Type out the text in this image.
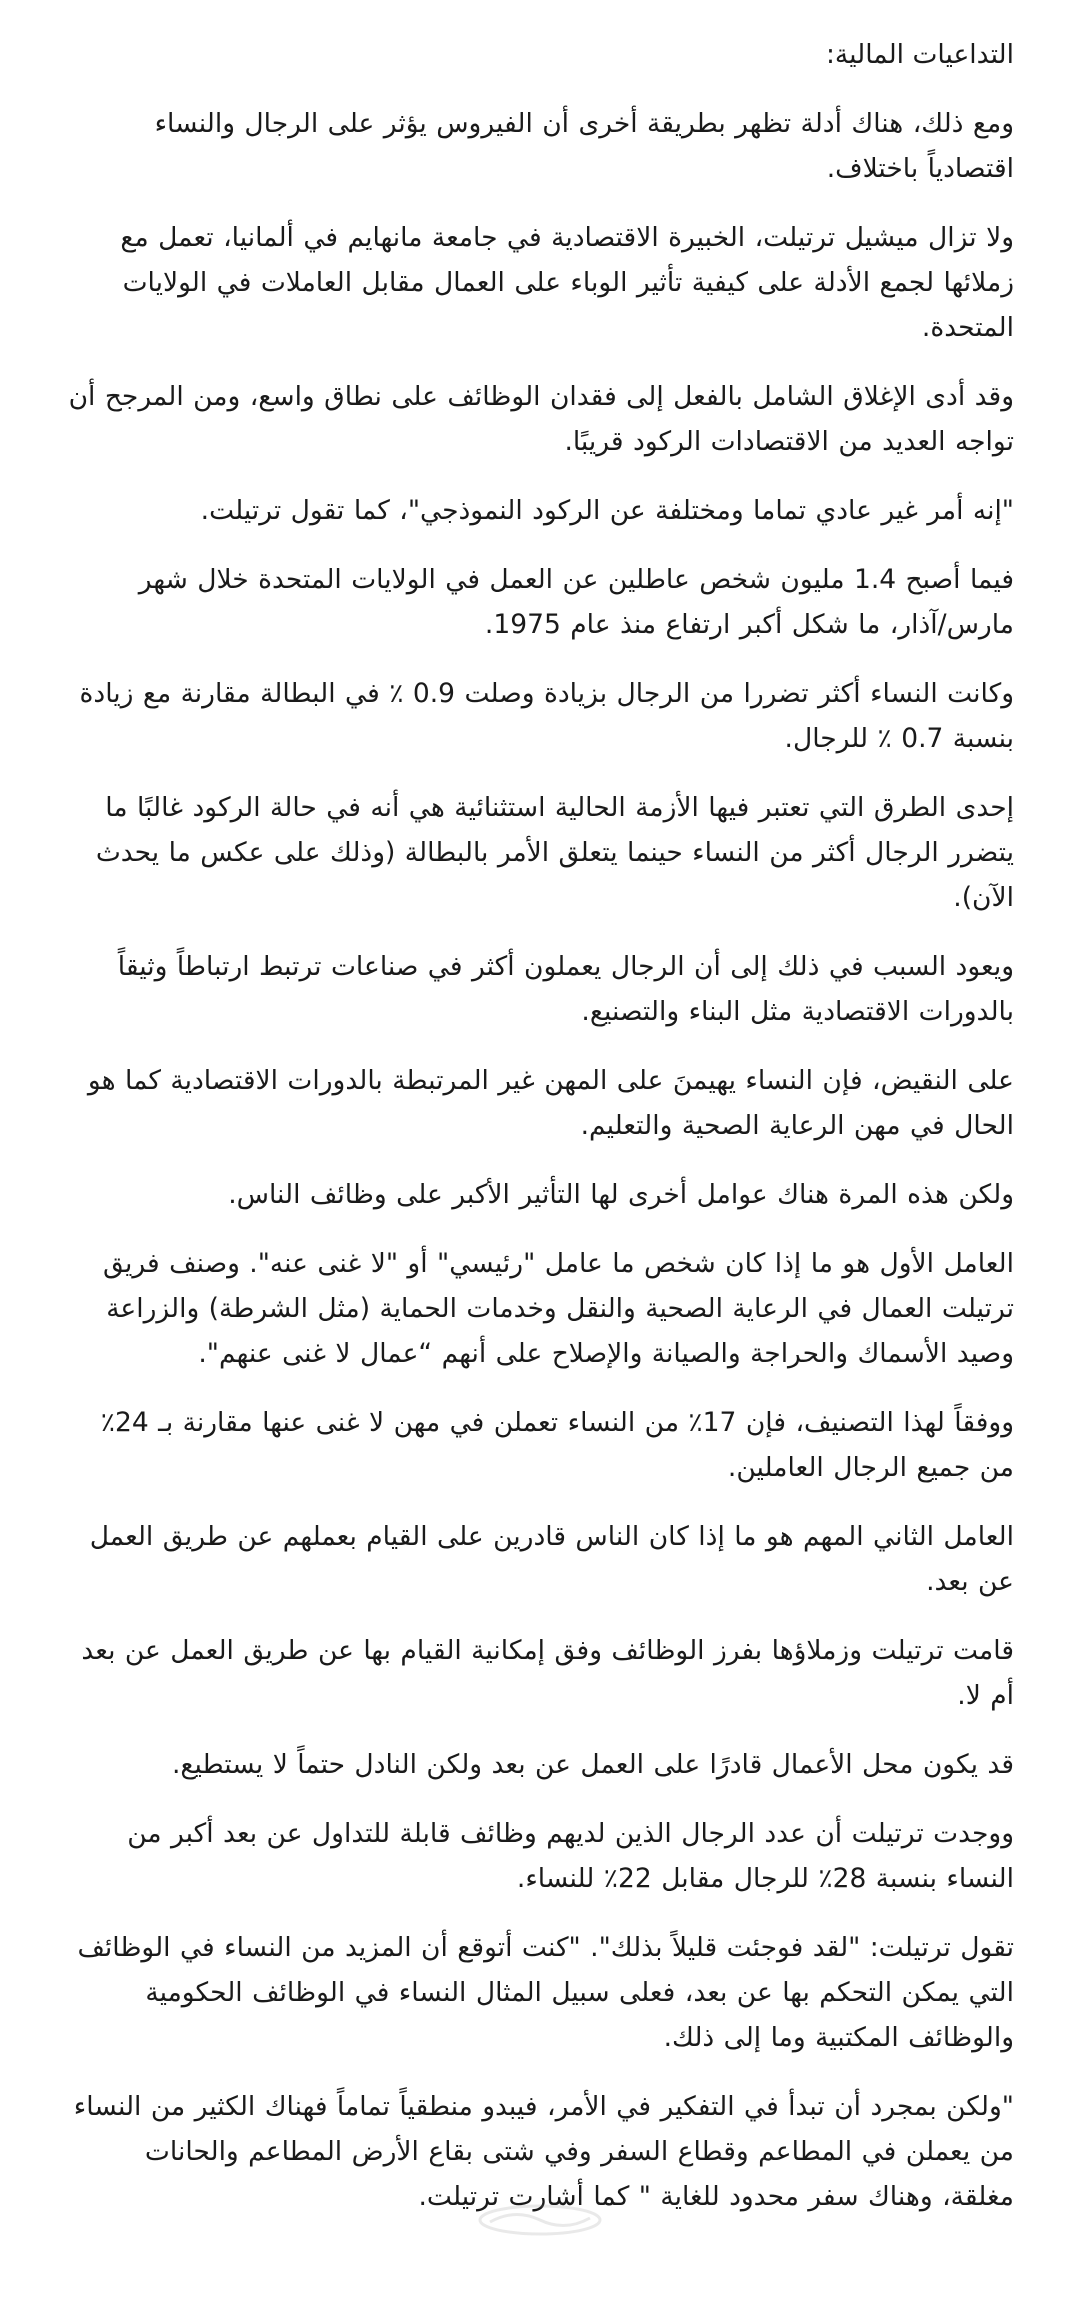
التداعيات المالية:

ومع ذلك، هناك أدلة تظهر بطريقة أخرى أن الفيروس يؤثر على الرجال والنساء اقتصادياً باختلاف.

ولا تزال ميشيل ترتيلت، الخبيرة الاقتصادية في جامعة مانهايم في ألمانيا، تعمل مع زملائها لجمع الأدلة على كيفية تأثير الوباء على العمال مقابل العاملات في الولايات المتحدة.

وقد أدى الإغلاق الشامل بالفعل إلى فقدان الوظائف على نطاق واسع، ومن المرجح أن تواجه العديد من الاقتصادات الركود قريبًا.

"إنه أمر غير عادي تماما ومختلفة عن الركود النموذجي"، كما تقول ترتيلت.

فيما أصبح 1.4 مليون شخص عاطلين عن العمل في الولايات المتحدة خلال شهر مارس/آذار، ما شكل أكبر ارتفاع منذ عام 1975.

وكانت النساء أكثر تضررا من الرجال بزيادة وصلت 0.9 ٪ في البطالة مقارنة مع زيادة بنسبة 0.7 ٪ للرجال.

إحدى الطرق التي تعتبر فيها الأزمة الحالية استثنائية هي أنه في حالة الركود غالبًا ما يتضرر الرجال أكثر من النساء حينما يتعلق الأمر بالبطالة (وذلك على عكس ما يحدث الآن).

ويعود السبب في ذلك إلى أن الرجال يعملون أكثر في صناعات ترتبط ارتباطاً وثيقاً بالدورات الاقتصادية مثل البناء والتصنيع.

على النقيض، فإن النساء يهيمنَ على المهن غير المرتبطة بالدورات الاقتصادية كما هو الحال في مهن الرعاية الصحية والتعليم.

ولكن هذه المرة هناك عوامل أخرى لها التأثير الأكبر على وظائف الناس.

العامل الأول هو ما إذا كان شخص ما عامل "رئيسي" أو "لا غنى عنه". وصنف فريق ترتيلت العمال في الرعاية الصحية والنقل وخدمات الحماية (مثل الشرطة) والزراعة وصيد الأسماك والحراجة والصيانة والإصلاح على أنهم “عمال لا غنى عنهم".

ووفقاً لهذا التصنيف، فإن 17٪ من النساء تعملن في مهن لا غنى عنها مقارنة بـ 24٪ من جميع الرجال العاملين.

العامل الثاني المهم هو ما إذا كان الناس قادرين على القيام بعملهم عن طريق العمل عن بعد.

قامت ترتيلت وزملاؤها بفرز الوظائف وفق إمكانية القيام بها عن طريق العمل عن بعد أم لا.

قد يكون محل الأعمال قادرًا على العمل عن بعد ولكن النادل حتماً لا يستطيع.

ووجدت ترتيلت أن عدد الرجال الذين لديهم وظائف قابلة للتداول عن بعد أكبر من النساء بنسبة 28٪ للرجال مقابل 22٪ للنساء.

تقول ترتيلت: "لقد فوجئت قليلاً بذلك". "كنت أتوقع أن المزيد من النساء في الوظائف التي يمكن التحكم بها عن بعد، فعلى سبيل المثال النساء في الوظائف الحكومية والوظائف المكتبية وما إلى ذلك.

"ولكن بمجرد أن تبدأ في التفكير في الأمر، فيبدو منطقياً تماماً فهناك الكثير من النساء من يعملن في المطاعم وقطاع السفر وفي شتى بقاع الأرض المطاعم والحانات مغلقة، وهناك سفر محدود للغاية " كما أشارت ترتيلت.
